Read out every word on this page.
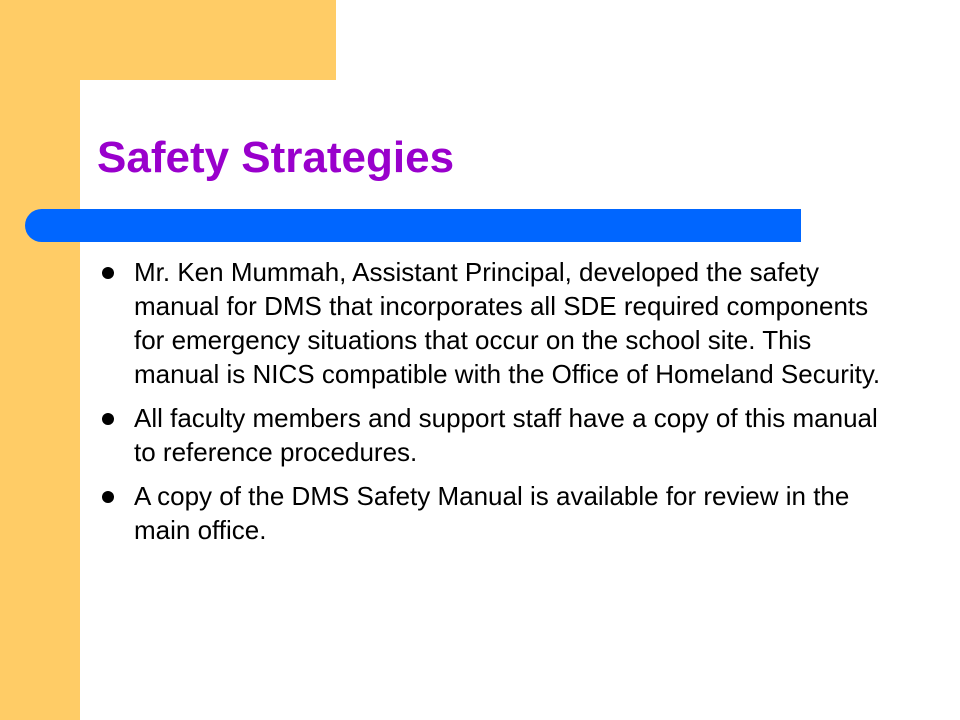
Safety Strategies
Mr. Ken Mummah, Assistant Principal, developed the safety manual for DMS that incorporates all SDE required components for emergency situations that occur on the school site. This manual is NICS compatible with the Office of Homeland Security.
All faculty members and support staff have a copy of this manual to reference procedures.
A copy of the DMS Safety Manual is available for review in the main office.
